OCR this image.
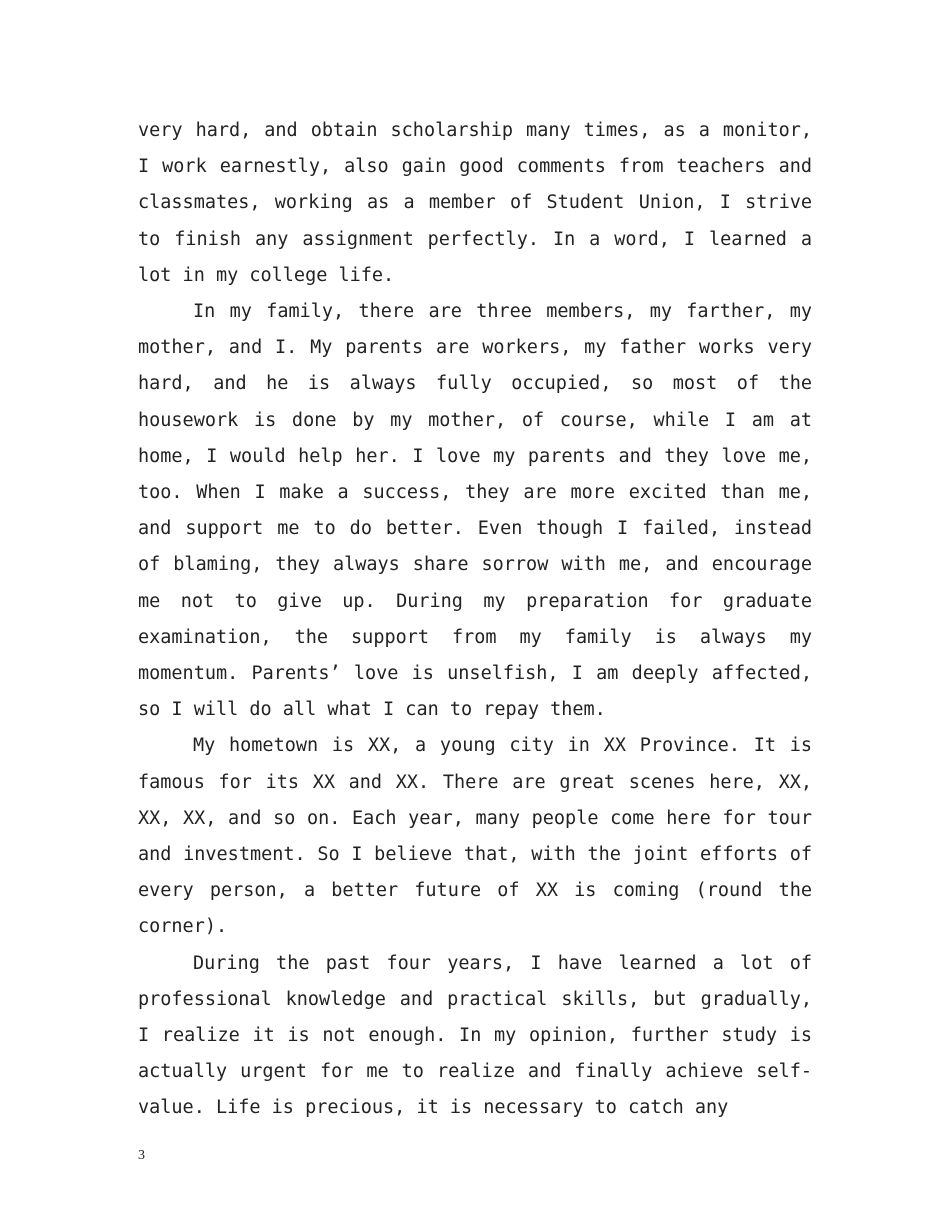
very hard, and obtain scholarship many times, as a monitor, I work earnestly, also gain good comments from teachers and classmates, working as a member of Student Union, I strive to finish any assignment perfectly. In a word, I learned a lot in my college life.

In my family, there are three members, my farther, my mother, and I. My parents are workers, my father works very hard, and he is always fully occupied, so most of the housework is done by my mother, of course, while I am at home, I would help her. I love my parents and they love me, too. When I make a success, they are more excited than me, and support me to do better. Even though I failed, instead of blaming, they always share sorrow with me, and encourage me not to give up. During my preparation for graduate examination, the support from my family is always my momentum. Parents’ love is unselfish, I am deeply affected, so I will do all what I can to repay them.

My hometown is XX, a young city in XX Province. It is famous for its XX and XX. There are great scenes here, XX, XX, XX, and so on. Each year, many people come here for tour and investment. So I believe that, with the joint efforts of every person, a better future of XX is coming (round the corner).

During the past four years, I have learned a lot of professional knowledge and practical skills, but gradually, I realize it is not enough. In my opinion, further study is actually urgent for me to realize and finally achieve self-value. Life is precious, it is necessary to catch any

3
